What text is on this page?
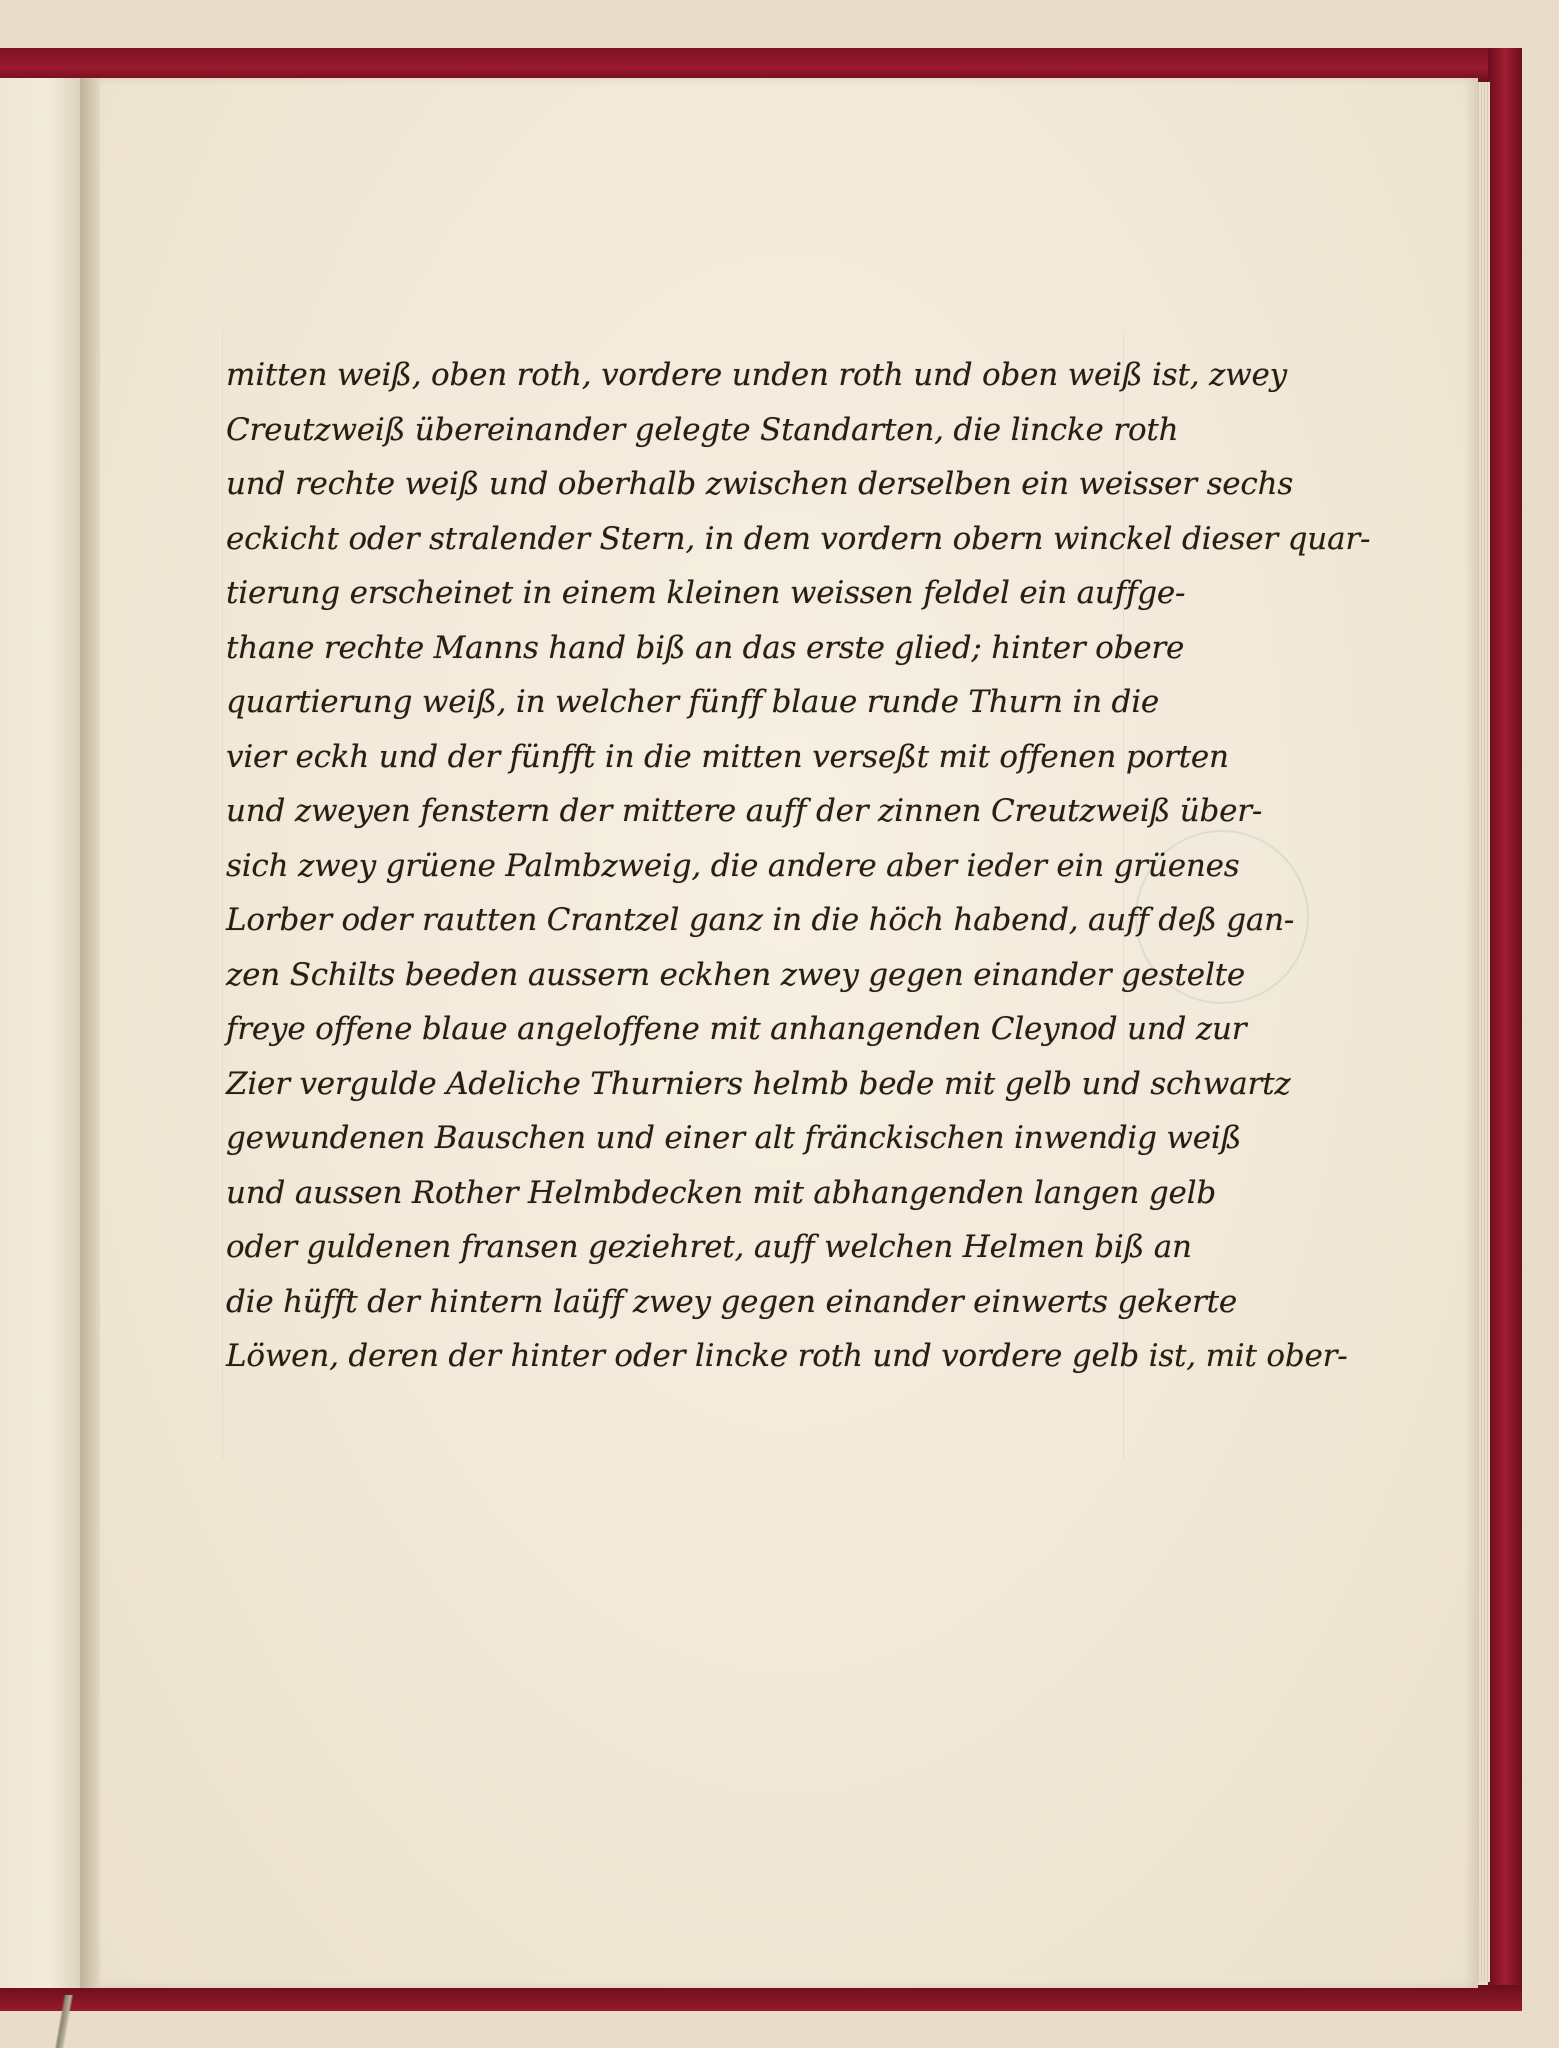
mitten weiß, oben roth, vordere unden roth und oben weiß ist, zwey
Creutzweiß übereinander gelegte Standarten, die lincke roth
und rechte weiß und oberhalb zwischen derselben ein weisser sechs
eckicht oder stralender Stern, in dem vordern obern winckel dieser quar-
tierung erscheinet in einem kleinen weissen feldel ein auffge-
thane rechte Manns hand biß an das erste glied; hinter obere
quartierung weiß, in welcher fünff blaue runde Thurn in die
vier eckh und der fünfft in die mitten verseßt mit offenen porten
und zweyen fenstern der mittere auff der zinnen Creutzweiß über-
sich zwey grüene Palmbzweig, die andere aber ieder ein grüenes
Lorber oder rautten Crantzel ganz in die höch habend, auff deß gan-
zen Schilts beeden aussern eckhen zwey gegen einander gestelte
freye offene blaue angeloffene mit anhangenden Cleynod und zur
Zier vergulde Adeliche Thurniers helmb bede mit gelb und schwartz
gewundenen Bauschen und einer alt fränckischen inwendig weiß
und aussen Rother Helmbdecken mit abhangenden langen gelb
oder guldenen fransen geziehret, auff welchen Helmen biß an
die hüfft der hintern laüff zwey gegen einander einwerts gekerte
Löwen, deren der hinter oder lincke roth und vordere gelb ist, mit ober-
